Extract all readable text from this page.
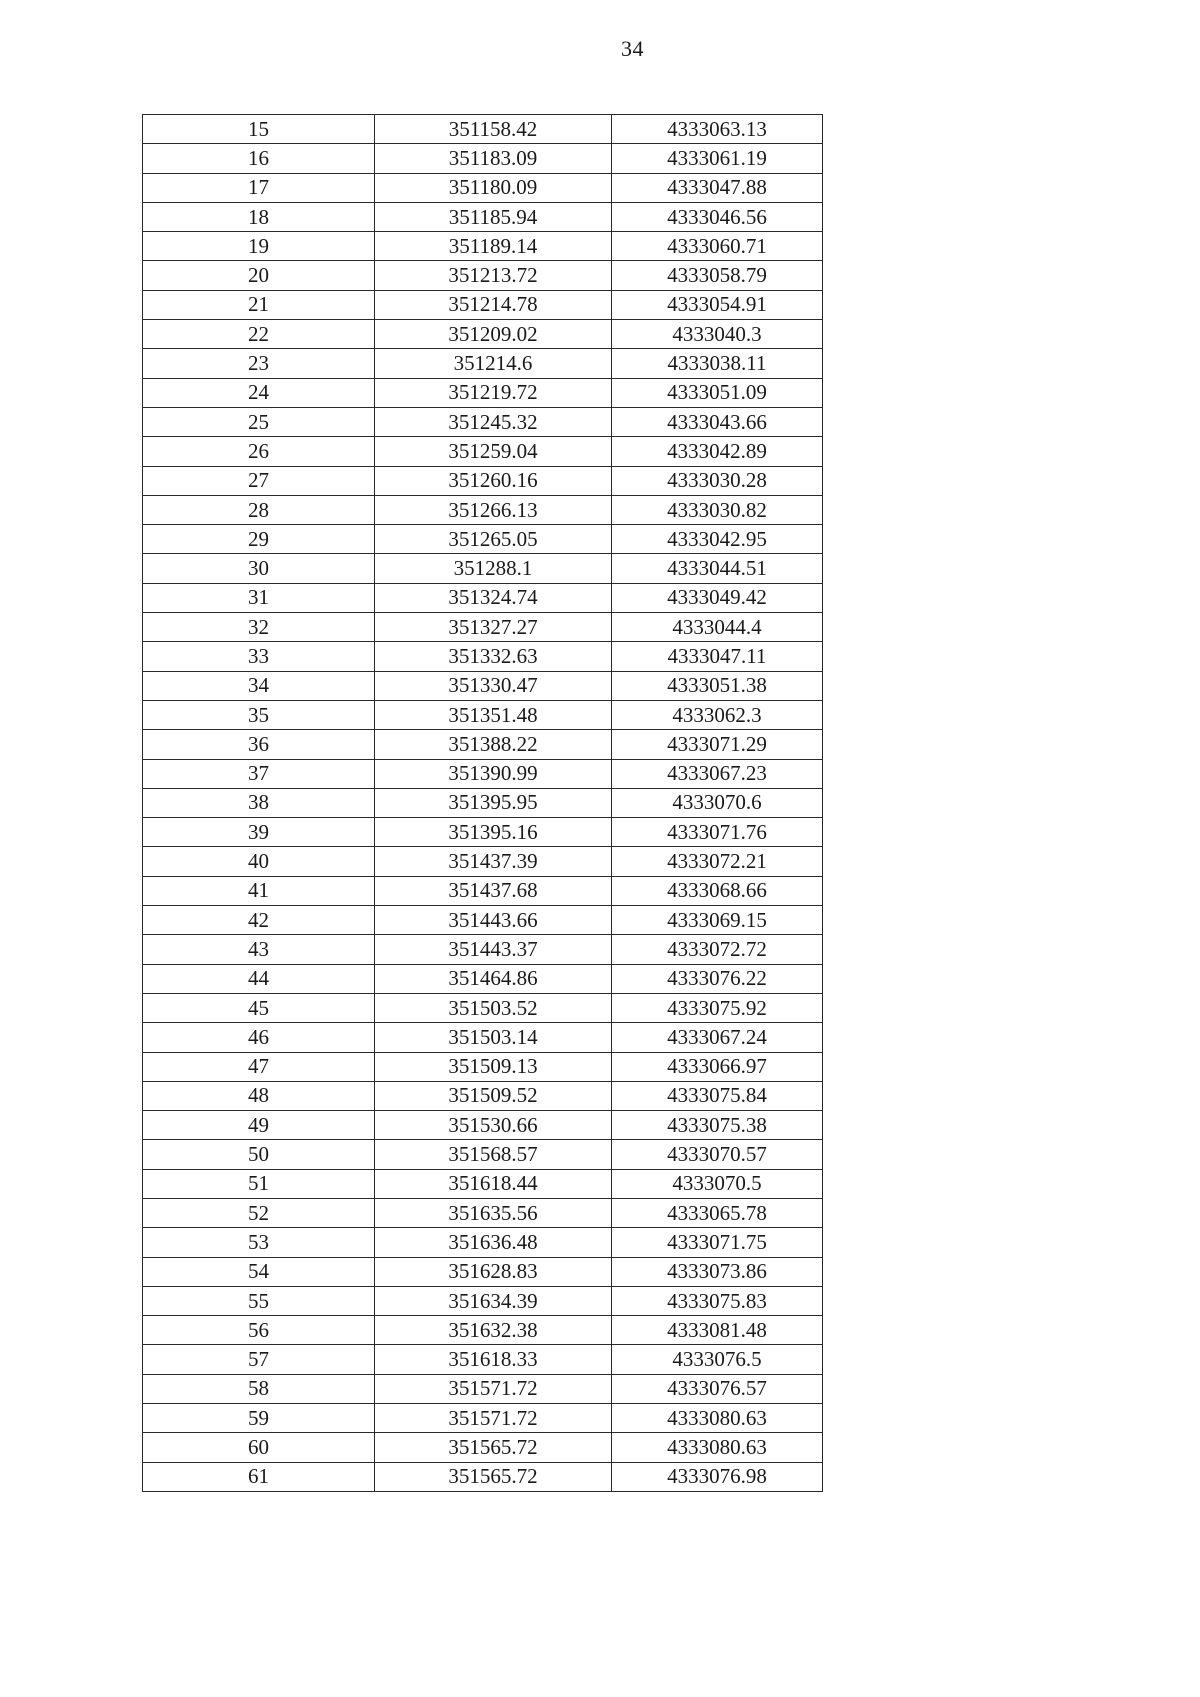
34
15	351158.42	4333063.13
16	351183.09	4333061.19
17	351180.09	4333047.88
18	351185.94	4333046.56
19	351189.14	4333060.71
20	351213.72	4333058.79
21	351214.78	4333054.91
22	351209.02	4333040.3
23	351214.6	4333038.11
24	351219.72	4333051.09
25	351245.32	4333043.66
26	351259.04	4333042.89
27	351260.16	4333030.28
28	351266.13	4333030.82
29	351265.05	4333042.95
30	351288.1	4333044.51
31	351324.74	4333049.42
32	351327.27	4333044.4
33	351332.63	4333047.11
34	351330.47	4333051.38
35	351351.48	4333062.3
36	351388.22	4333071.29
37	351390.99	4333067.23
38	351395.95	4333070.6
39	351395.16	4333071.76
40	351437.39	4333072.21
41	351437.68	4333068.66
42	351443.66	4333069.15
43	351443.37	4333072.72
44	351464.86	4333076.22
45	351503.52	4333075.92
46	351503.14	4333067.24
47	351509.13	4333066.97
48	351509.52	4333075.84
49	351530.66	4333075.38
50	351568.57	4333070.57
51	351618.44	4333070.5
52	351635.56	4333065.78
53	351636.48	4333071.75
54	351628.83	4333073.86
55	351634.39	4333075.83
56	351632.38	4333081.48
57	351618.33	4333076.5
58	351571.72	4333076.57
59	351571.72	4333080.63
60	351565.72	4333080.63
61	351565.72	4333076.98
